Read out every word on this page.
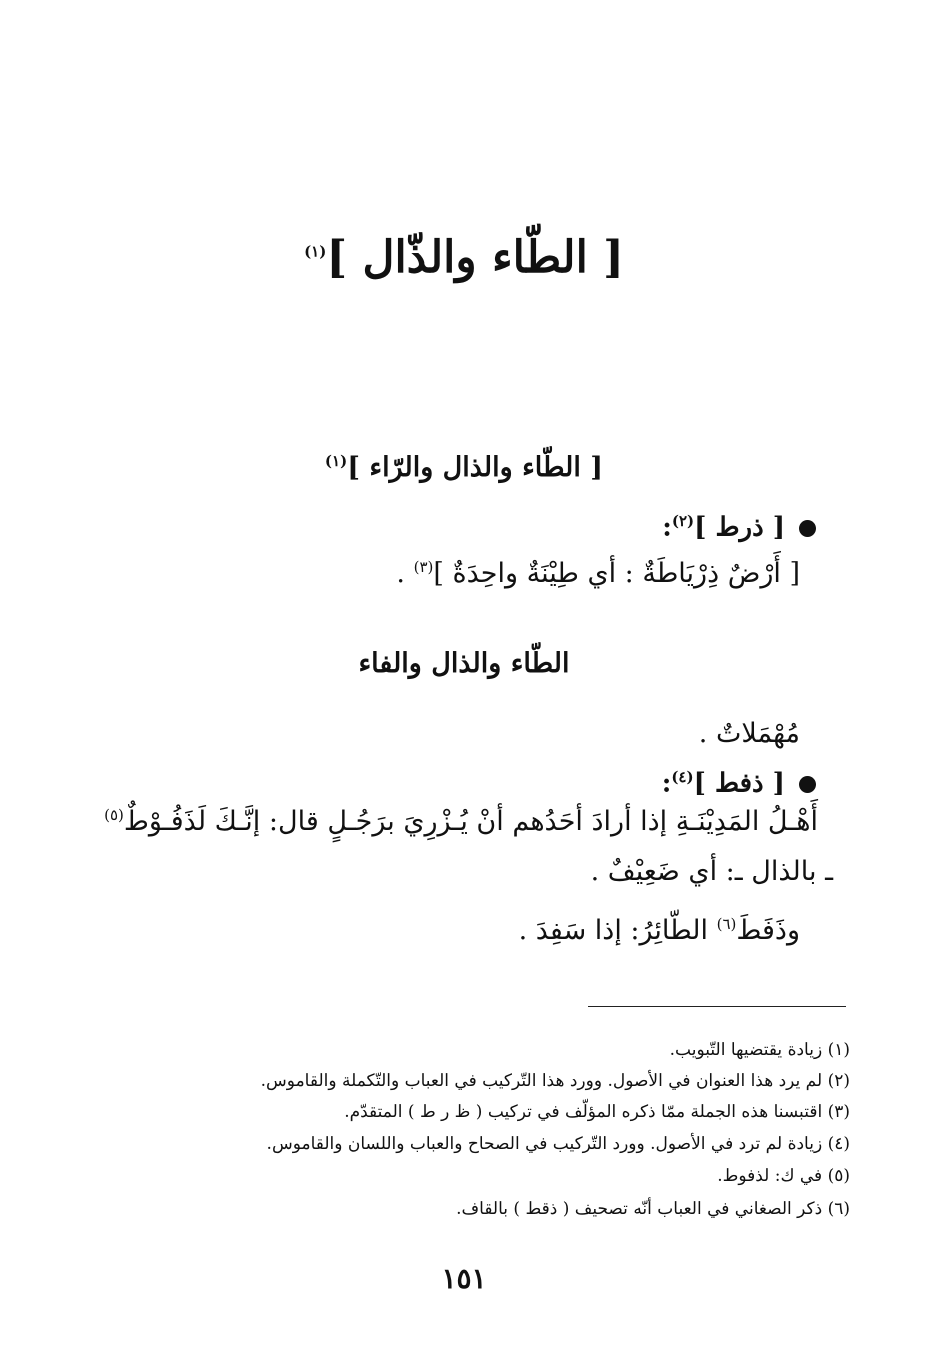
[ الطّاء والذّال ]$^{(١)}$
[ الطّاء والذال والرّاء ]$^{(١)}$
[ ذرط ]$^{(٢)}$:
[ أَرْضٌ ذِرْيَاطَةٌ : أي طِيْنَةٌ واحِدَةٌ ]$^{(٣)}$ .
الطّاء والذال والفاء
مُهْمَلاتٌ .
[ ذفط ]$^{(٤)}$:
أَهْـلُ المَدِيْنَـةِ إذا أرادَ أحَدُهم أنْ يُـزْرِيَ برَجُـلٍ قال: إنَّـكَ لَذَفُـوْطٌ$^{(٥)}$
ـ بالذال ـ: أي ضَعِيْفٌ .
وذَفَطَ$^{(٦)}$ الطّائِرُ: إذا سَفِدَ .
(١) زيادة يقتضيها التّبويب.
(٢) لم يرد هذا العنوان في الأصول. وورد هذا التّركيب في العباب والتّكملة والقاموس.
(٣) اقتبسنا هذه الجملة ممّا ذكره المؤلّف في تركيب ( ظ ر ط ) المتقدّم.
(٤) زيادة لم ترد في الأصول. وورد التّركيب في الصحاح والعباب واللسان والقاموس.
(٥) في ك: لذفوط.
(٦) ذكر الصغاني في العباب أنّه تصحيف ( ذقط ) بالقاف.
١٥١
